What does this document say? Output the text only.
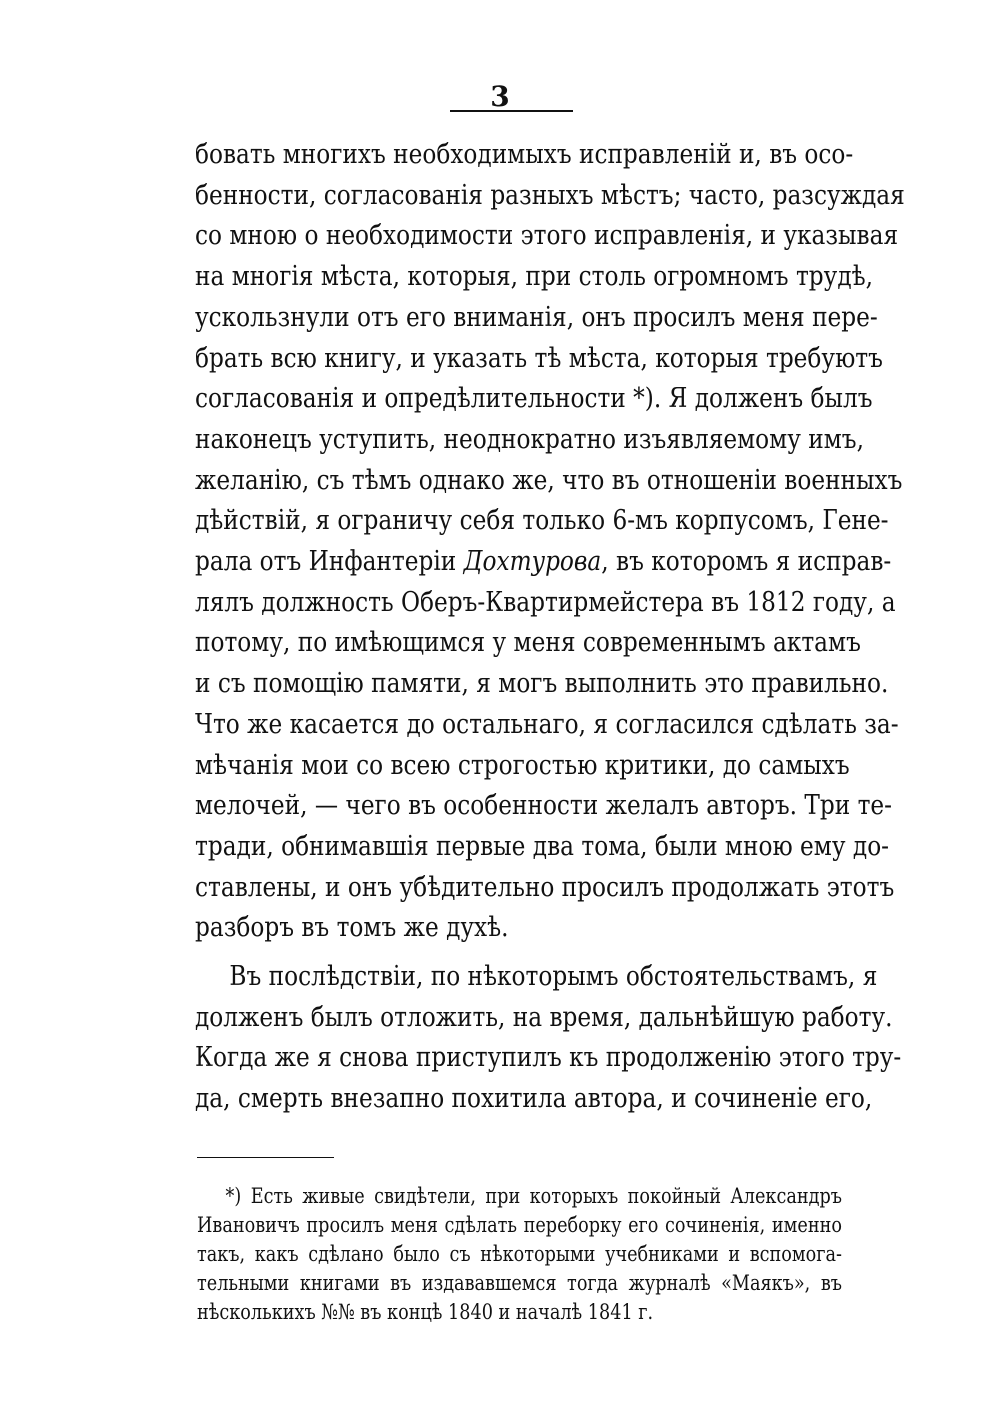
3
бовать многихъ необходимыхъ исправленій и, въ осо-
бенности, согласованія разныхъ мѣстъ; часто, разсуждая
со мною о необходимости этого исправленія, и указывая
на многія мѣста, которыя, при столь огромномъ трудѣ,
ускользнули отъ его вниманія, онъ просилъ меня пере-
брать всю книгу, и указать тѣ мѣста, которыя требуютъ
согласованія и опредѣлительности *). Я долженъ былъ
наконецъ уступить, неоднократно изъявляемому имъ,
желанію, съ тѣмъ однако же, что въ отношеніи военныхъ
дѣйствій, я ограничу себя только 6-мъ корпусомъ, Гене-
рала отъ Инфантеріи Дохтурова, въ которомъ я исправ-
лялъ должность Оберъ-Квартирмейстера въ 1812 году, а
потому, по имѣющимся у меня современнымъ актамъ
и съ помощію памяти, я могъ выполнить это правильно.
Что же касается до остальнаго, я согласился сдѣлать за-
мѣчанія мои со всею строгостью критики, до самыхъ
мелочей, — чего въ особенности желалъ авторъ. Три те-
тради, обнимавшія первые два тома, были мною ему до-
ставлены, и онъ убѣдительно просилъ продолжать этотъ
разборъ въ томъ же духѣ.
Въ послѣдствіи, по нѣкоторымъ обстоятельствамъ, я
долженъ былъ отложить, на время, дальнѣйшую работу.
Когда же я снова приступилъ къ продолженію этого тру-
да, смерть внезапно похитила автора, и сочиненіе его,
*) Есть живые свидѣтели, при которыхъ покойный Александръ
Ивановичъ просилъ меня сдѣлать переборку его сочиненія, именно
такъ, какъ сдѣлано было съ нѣкоторыми учебниками и вспомога-
тельными книгами въ издававшемся тогда журналѣ «Маякъ», въ
нѣсколькихъ №№ въ концѣ 1840 и началѣ 1841 г.
